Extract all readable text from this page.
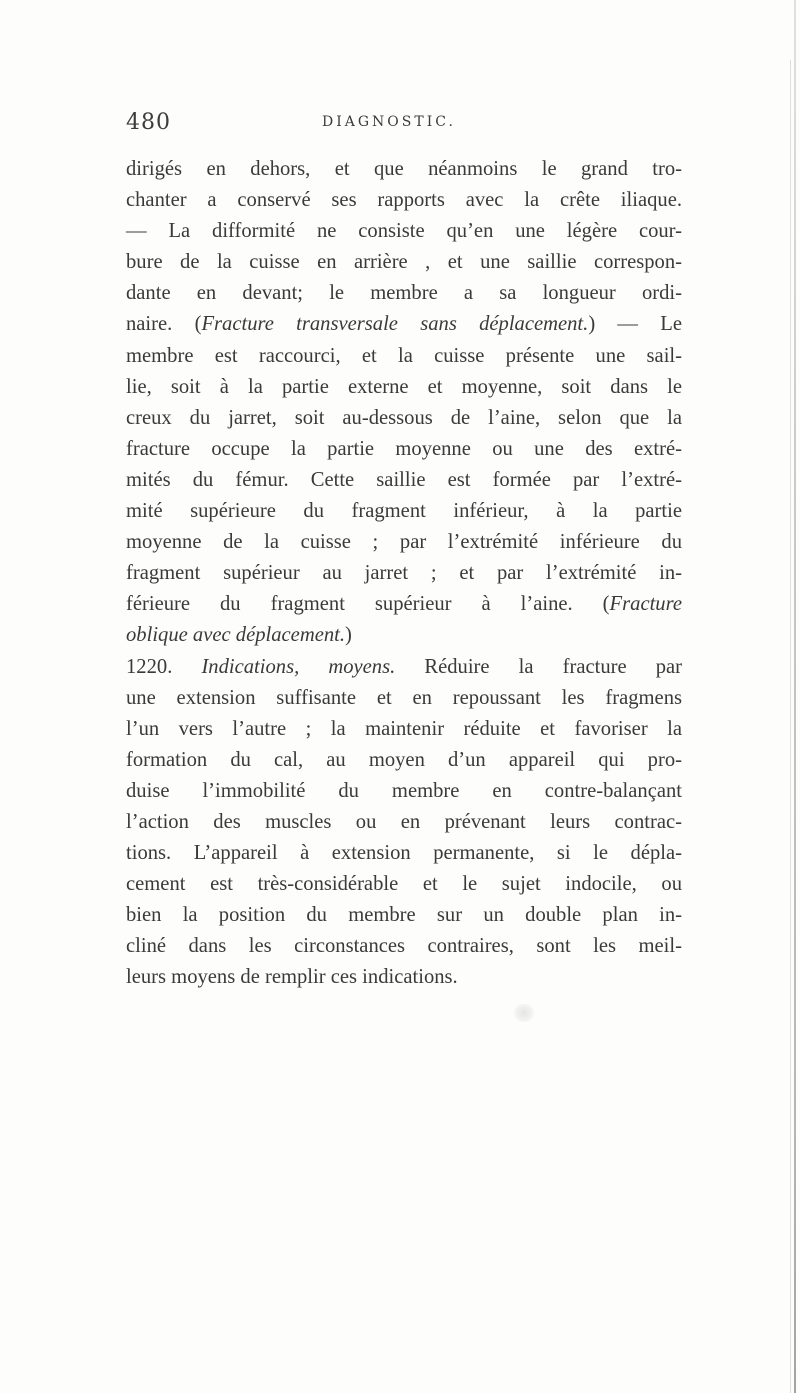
480	DIAGNOSTIC.
dirigés en dehors, et que néanmoins le grand tro-
chanter a conservé ses rapports avec la crête iliaque.
— La difformité ne consiste qu’en une légère cour-
bure de la cuisse en arrière , et une saillie correspon-
dante en devant; le membre a sa longueur ordi-
naire. (Fracture transversale sans déplacement.) — Le
membre est raccourci, et la cuisse présente une sail-
lie, soit à la partie externe et moyenne, soit dans le
creux du jarret, soit au-dessous de l’aine, selon que la
fracture occupe la partie moyenne ou une des extré-
mités du fémur. Cette saillie est formée par l’extré-
mité supérieure du fragment inférieur, à la partie
moyenne de la cuisse ; par l’extrémité inférieure du
fragment supérieur au jarret ; et par l’extrémité in-
férieure du fragment supérieur à l’aine. (Fracture
oblique avec déplacement.)
1220. Indications, moyens. Réduire la fracture par
une extension suffisante et en repoussant les fragmens
l’un vers l’autre ; la maintenir réduite et favoriser la
formation du cal, au moyen d’un appareil qui pro-
duise l’immobilité du membre en contre-balançant
l’action des muscles ou en prévenant leurs contrac-
tions. L’appareil à extension permanente, si le dépla-
cement est très-considérable et le sujet indocile, ou
bien la position du membre sur un double plan in-
cliné dans les circonstances contraires, sont les meil-
leurs moyens de remplir ces indications.
